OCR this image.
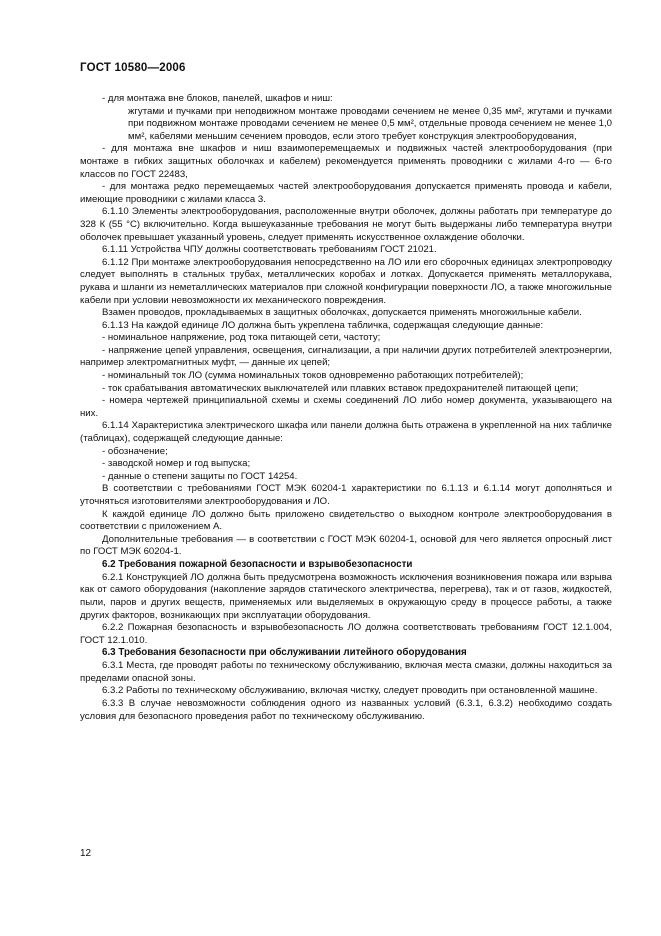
ГОСТ 10580—2006

- для монтажа вне блоков, панелей, шкафов и ниш:

жгутами и пучками при неподвижном монтаже проводами сечением не менее 0,35 мм², жгутами и пучками при подвижном монтаже проводами сечением не менее 0,5 мм², отдельные провода сечением не менее 1,0 мм², кабелями меньшим сечением проводов, если этого требует конструкция электрооборудования,

- для монтажа вне шкафов и ниш взаимоперемещаемых и подвижных частей электрооборудования (при монтаже в гибких защитных оболочках и кабелем) рекомендуется применять проводники с жилами 4-го — 6-го классов по ГОСТ 22483,

- для монтажа редко перемещаемых частей электрооборудования допускается применять провода и кабели, имеющие проводники с жилами класса 3.

6.1.10 Элементы электрооборудования, расположенные внутри оболочек, должны работать при температуре до 328 К (55 °С) включительно. Когда вышеуказанные требования не могут быть выдержаны либо температура внутри оболочек превышает указанный уровень, следует применять искусственное охлаждение оболочки.

6.1.11 Устройства ЧПУ должны соответствовать требованиям ГОСТ 21021.

6.1.12 При монтаже электрооборудования непосредственно на ЛО или его сборочных единицах электропроводку следует выполнять в стальных трубах, металлических коробах и лотках. Допускается применять металлорукава, рукава и шланги из неметаллических материалов при сложной конфигурации поверхности ЛО, а также многожильные кабели при условии невозможности их механического повреждения.

Взамен проводов, прокладываемых в защитных оболочках, допускается применять многожильные кабели.

6.1.13 На каждой единице ЛО должна быть укреплена табличка, содержащая следующие данные:

- номинальное напряжение, род тока питающей сети, частоту;

- напряжение цепей управления, освещения, сигнализации, а при наличии других потребителей электроэнергии, например электромагнитных муфт, — данные их цепей;

- номинальный ток ЛО (сумма номинальных токов одновременно работающих потребителей);

- ток срабатывания автоматических выключателей или плавких вставок предохранителей питающей цепи;

- номера чертежей принципиальной схемы и схемы соединений ЛО либо номер документа, указывающего на них.

6.1.14 Характеристика электрического шкафа или панели должна быть отражена в укрепленной на них табличке (таблицах), содержащей следующие данные:

- обозначение;

- заводской номер и год выпуска;

- данные о степени защиты по ГОСТ 14254.

В соответствии с требованиями ГОСТ МЭК 60204-1 характеристики по 6.1.13 и 6.1.14 могут дополняться и уточняться изготовителями электрооборудования и ЛО.

К каждой единице ЛО должно быть приложено свидетельство о выходном контроле электрооборудования в соответствии с приложением А.

Дополнительные требования — в соответствии с ГОСТ МЭК 60204-1, основой для чего является опросный лист по ГОСТ МЭК 60204-1.

6.2 Требования пожарной безопасности и взрывобезопасности

6.2.1 Конструкцией ЛО должна быть предусмотрена возможность исключения возникновения пожара или взрыва как от самого оборудования (накопление зарядов статического электричества, перегрева), так и от газов, жидкостей, пыли, паров и других веществ, применяемых или выделяемых в окружающую среду в процессе работы, а также других факторов, возникающих при эксплуатации оборудования.

6.2.2 Пожарная безопасность и взрывобезопасность ЛО должна соответствовать требованиям ГОСТ 12.1.004, ГОСТ 12.1.010.

6.3 Требования безопасности при обслуживании литейного оборудования

6.3.1 Места, где проводят работы по техническому обслуживанию, включая места смазки, должны находиться за пределами опасной зоны.

6.3.2 Работы по техническому обслуживанию, включая чистку, следует проводить при остановленной машине.

6.3.3 В случае невозможности соблюдения одного из названных условий (6.3.1, 6.3.2) необходимо создать условия для безопасного проведения работ по техническому обслуживанию.

12
